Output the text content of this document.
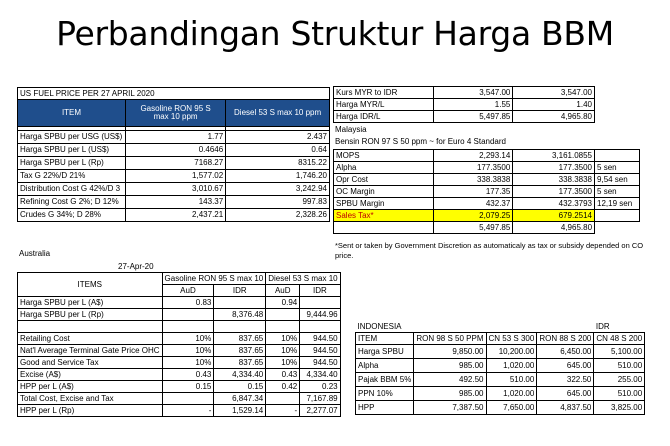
Perbandingan Struktur Harga BBM
US FUEL PRICE PER 27 APRIL 2020		
ITEM	Gasoline RON 95 S max 10 ppm	Diesel 53 S max 10 ppm

Harga SPBU per USG (US$)	1.77	2.437
Harga SPBU per L (US$)	0.4646	0.64
Harga SPBU per L (Rp)	7168.27	8315.22
Tax G 22%/D 21%	1,577.02	1,746.20
Distribution Cost G 42%/D 3	3,010.67	3,242.94
Refining Cost G 2%; D 12%	143.37	997.83
Crudes G 34%; D 28%	2,437.21	2,328.26
Kurs MYR to IDR	3,547.00	3,547.00
Harga MYR/L	1.55	1.40
Harga IDR/L	5,497.85	4,965.80
Malaysia
Bensin RON 97 S 50 ppm ~ for Euro 4 Standard
MOPS	2,293.14	3,161.0855	
Alpha	177.3500	177.3500	5 sen
Opr Cost	338.3838	338.3838	9,54 sen
OC Margin	177.35	177.3500	5 sen
SPBU Margin	432.37	432.3793	12,19 sen
Sales Tax*	2,079.25	679.2514	
	5,497.85	4,965.80	
*Sent or taken by Government Discretion as automaticaly as tax or subsidy depended on CO price.
Australia
27-Apr-20
ITEMS	Gasoline RON 95 S max 10		Diesel 53 S max 10	
	AuD	IDR	AuD	IDR
Harga SPBU per L (A$)	0.83		0.94	
Harga SPBU per L (Rp)		8,376.48		9,444.96

Retailing Cost	10%	837.65	10%	944.50
Nat'l Average Terminal Gate Price OHC	10%	837.65	10%	944.50
Good and Service Tax	10%	837.65	10%	944.50
Excise (A$)	0.43	4,334.40	0.43	4,334.40
HPP per L (A$)	0.15	0.15	0.42	0.23
Total Cost, Excise and Tax		6,847.34		7,167.89
HPP per L (Rp)	-	1,529.14	-	2,277.07
INDONESIA				IDR
ITEM	RON 98 S 50 PPM	CN 53 S 300	RON 88 S 200	CN 48 S 200
Harga SPBU	9,850.00	10,200.00	6,450.00	5,100.00
Alpha	985.00	1,020.00	645.00	510.00
Pajak BBM 5%	492.50	510.00	322.50	255.00
PPN 10%	985.00	1,020.00	645.00	510.00
HPP	7,387.50	7,650.00	4,837.50	3,825.00
